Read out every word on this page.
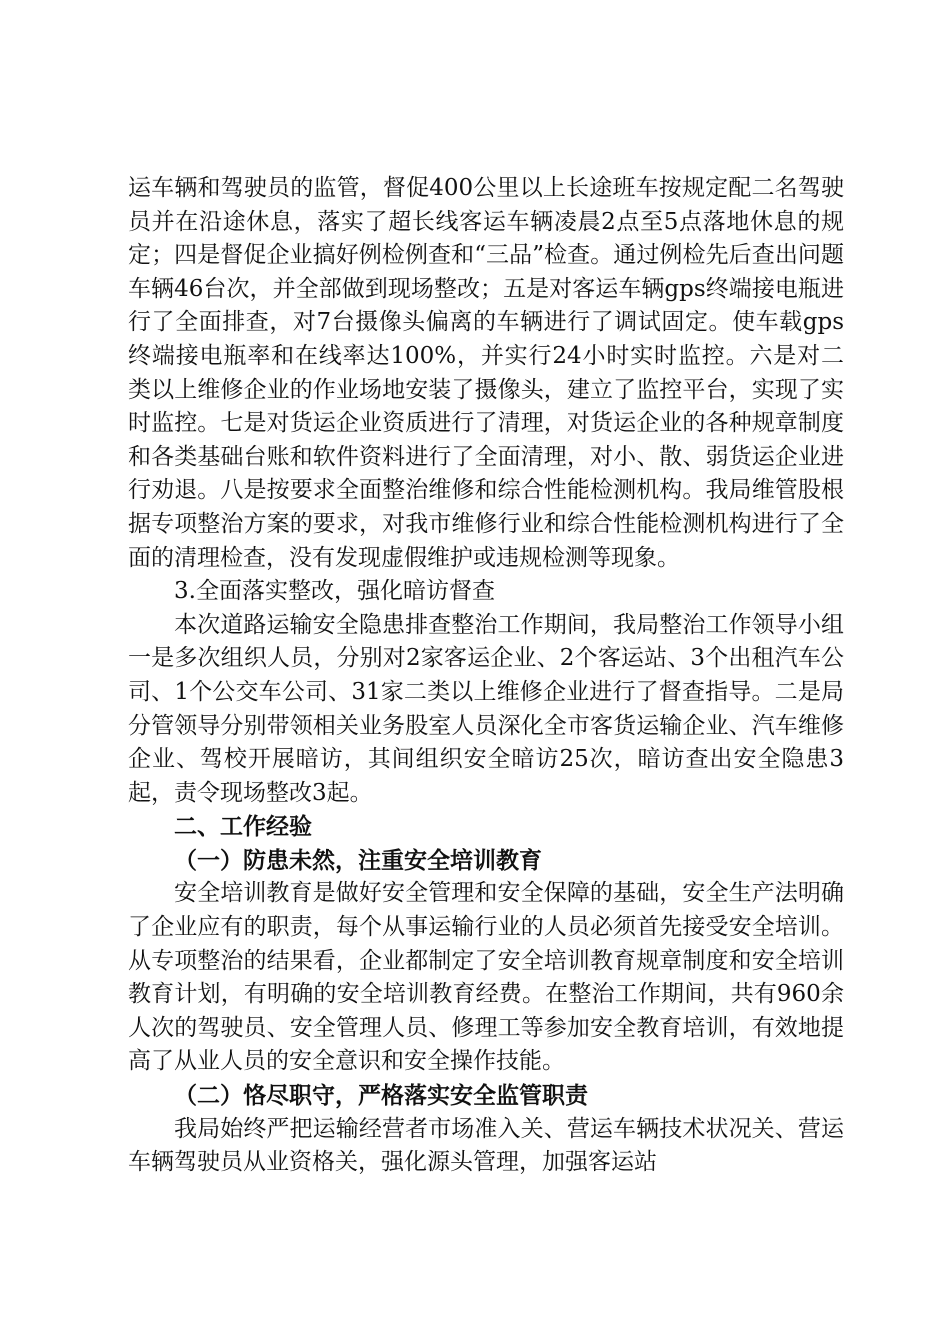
运车辆和驾驶员的监管，督促400公里以上长途班车按规定配二名驾驶员并在沿途休息，落实了超长线客运车辆凌晨2点至5点落地休息的规定；四是督促企业搞好例检例查和“三品”检查。通过例检先后查出问题车辆46台次，并全部做到现场整改；五是对客运车辆gps终端接电瓶进行了全面排查，对7台摄像头偏离的车辆进行了调试固定。使车载gps终端接电瓶率和在线率达100%，并实行24小时实时监控。六是对二类以上维修企业的作业场地安装了摄像头，建立了监控平台，实现了实时监控。七是对货运企业资质进行了清理，对货运企业的各种规章制度和各类基础台账和软件资料进行了全面清理，对小、散、弱货运企业进行劝退。八是按要求全面整治维修和综合性能检测机构。我局维管股根据专项整治方案的要求，对我市维修行业和综合性能检测机构进行了全面的清理检查，没有发现虚假维护或违规检测等现象。

3.全面落实整改，强化暗访督查

本次道路运输安全隐患排查整治工作期间，我局整治工作领导小组一是多次组织人员，分别对2家客运企业、2个客运站、3个出租汽车公司、1个公交车公司、31家二类以上维修企业进行了督查指导。二是局分管领导分别带领相关业务股室人员深化全市客货运输企业、汽车维修企业、驾校开展暗访，其间组织安全暗访25次，暗访查出安全隐患3起，责令现场整改3起。

二、工作经验

（一）防患未然，注重安全培训教育

安全培训教育是做好安全管理和安全保障的基础，安全生产法明确了企业应有的职责，每个从事运输行业的人员必须首先接受安全培训。从专项整治的结果看，企业都制定了安全培训教育规章制度和安全培训教育计划，有明确的安全培训教育经费。在整治工作期间，共有960余人次的驾驶员、安全管理人员、修理工等参加安全教育培训，有效地提高了从业人员的安全意识和安全操作技能。

（二）恪尽职守，严格落实安全监管职责

我局始终严把运输经营者市场准入关、营运车辆技术状况关、营运车辆驾驶员从业资格关，强化源头管理，加强客运站
